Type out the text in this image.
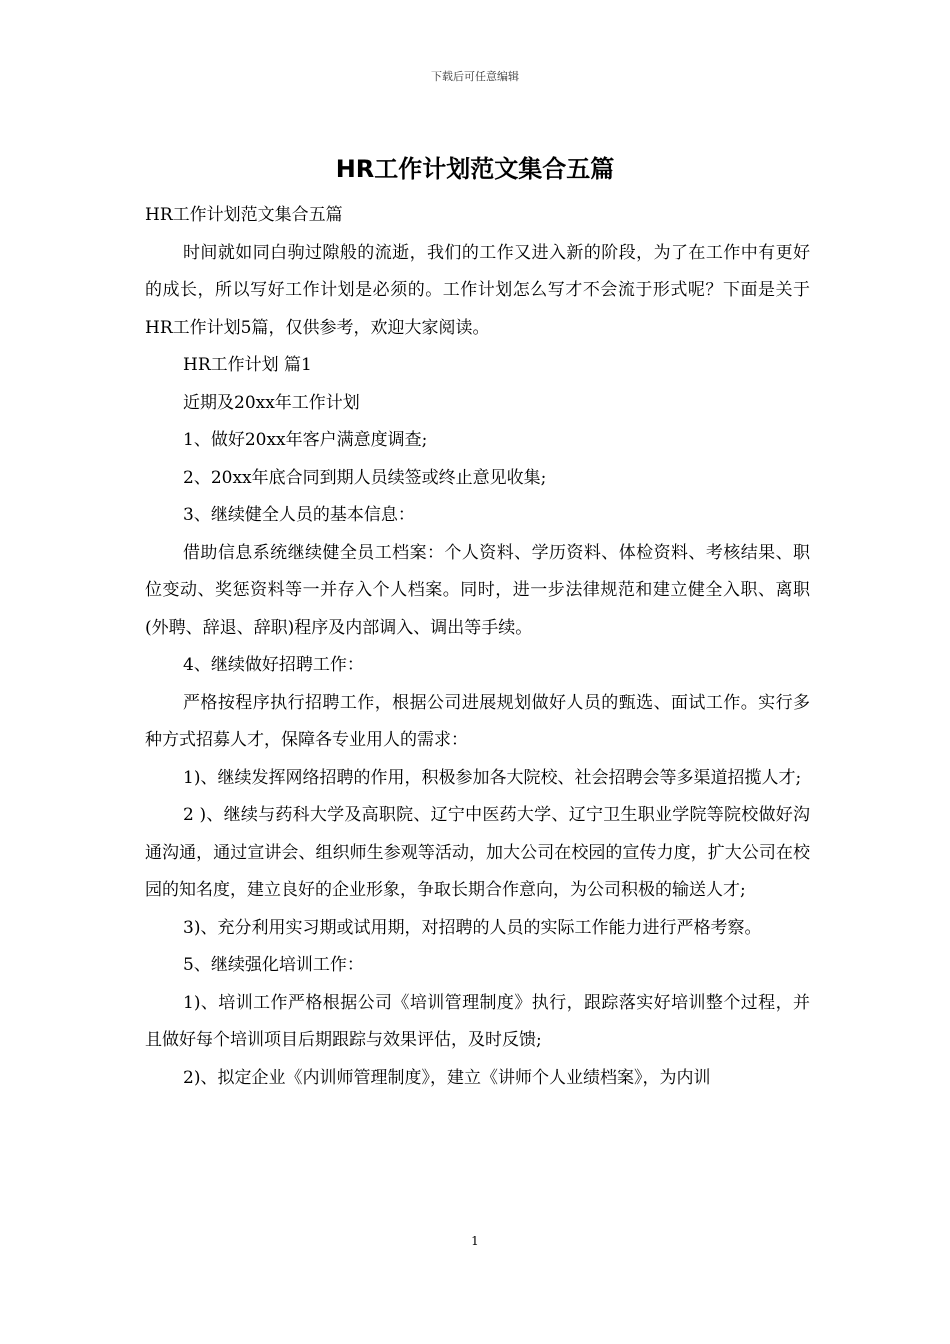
下载后可任意编辑
HR工作计划范文集合五篇

HR工作计划范文集合五篇

时间就如同白驹过隙般的流逝，我们的工作又进入新的阶段，为了在工作中有更好的成长，所以写好工作计划是必须的。工作计划怎么写才不会流于形式呢？下面是关于HR工作计划5篇，仅供参考，欢迎大家阅读。

HR工作计划 篇1

近期及20xx年工作计划

1、做好20xx年客户满意度调查;

2、20xx年底合同到期人员续签或终止意见收集;

3、继续健全人员的基本信息：

借助信息系统继续健全员工档案：个人资料、学历资料、体检资料、考核结果、职位变动、奖惩资料等一并存入个人档案。同时，进一步法律规范和建立健全入职、离职(外聘、辞退、辞职)程序及内部调入、调出等手续。

4、继续做好招聘工作：

严格按程序执行招聘工作，根据公司进展规划做好人员的甄选、面试工作。实行多种方式招募人才，保障各专业用人的需求：

1)、继续发挥网络招聘的作用，积极参加各大院校、社会招聘会等多渠道招揽人才;

2 )、继续与药科大学及高职院、辽宁中医药大学、辽宁卫生职业学院等院校做好沟通沟通，通过宣讲会、组织师生参观等活动，加大公司在校园的宣传力度，扩大公司在校园的知名度，建立良好的企业形象，争取长期合作意向，为公司积极的输送人才;

3)、充分利用实习期或试用期，对招聘的人员的实际工作能力进行严格考察。

5、继续强化培训工作：

1)、培训工作严格根据公司《培训管理制度》执行，跟踪落实好培训整个过程，并且做好每个培训项目后期跟踪与效果评估，及时反馈;

2)、拟定企业《内训师管理制度》，建立《讲师个人业绩档案》，为内训

1
